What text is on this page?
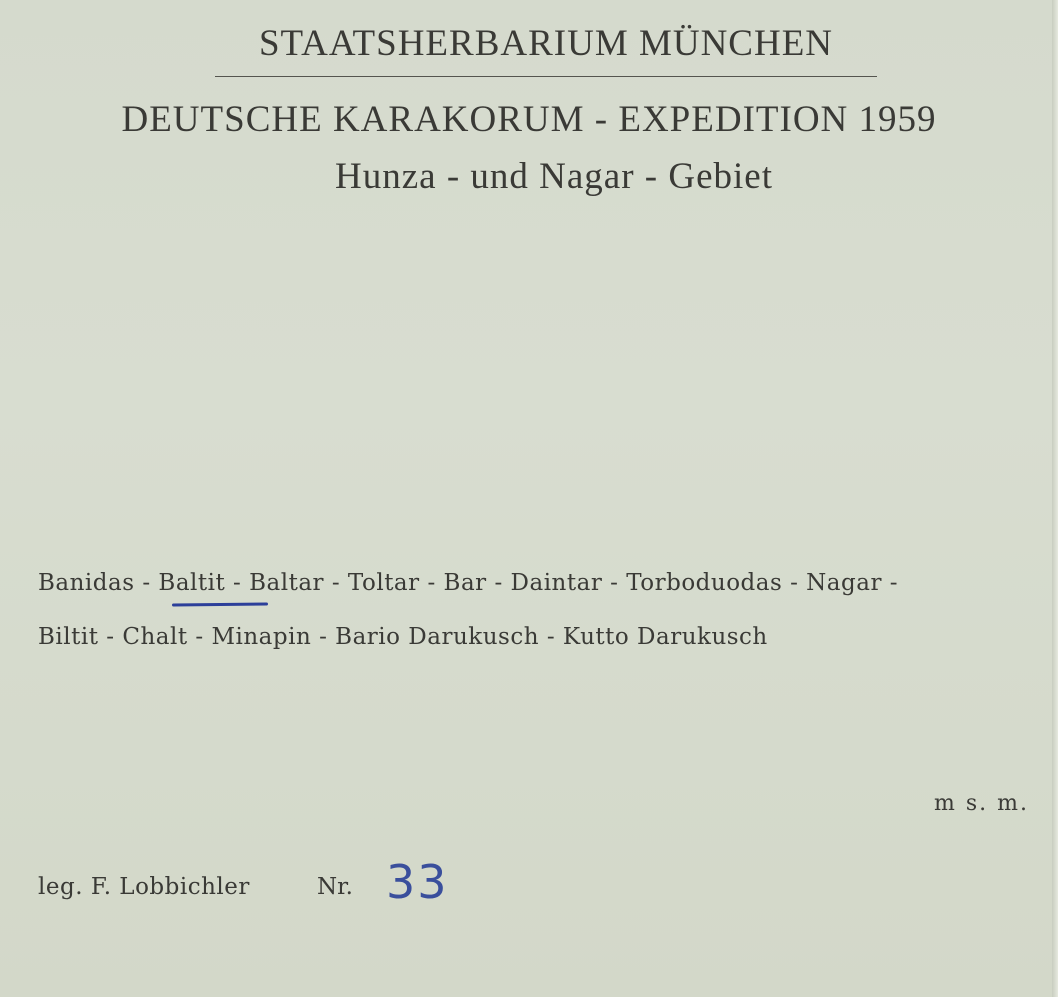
STAATSHERBARIUM MÜNCHEN
DEUTSCHE KARAKORUM - EXPEDITION 1959
Hunza - und Nagar - Gebiet
Banidas - Baltit - Baltar - Toltar - Bar - Daintar - Torboduodas - Nagar -
Biltit - Chalt - Minapin - Bario Darukusch - Kutto Darukusch
m s. m.
leg. F. Lobbichler	Nr. 33
